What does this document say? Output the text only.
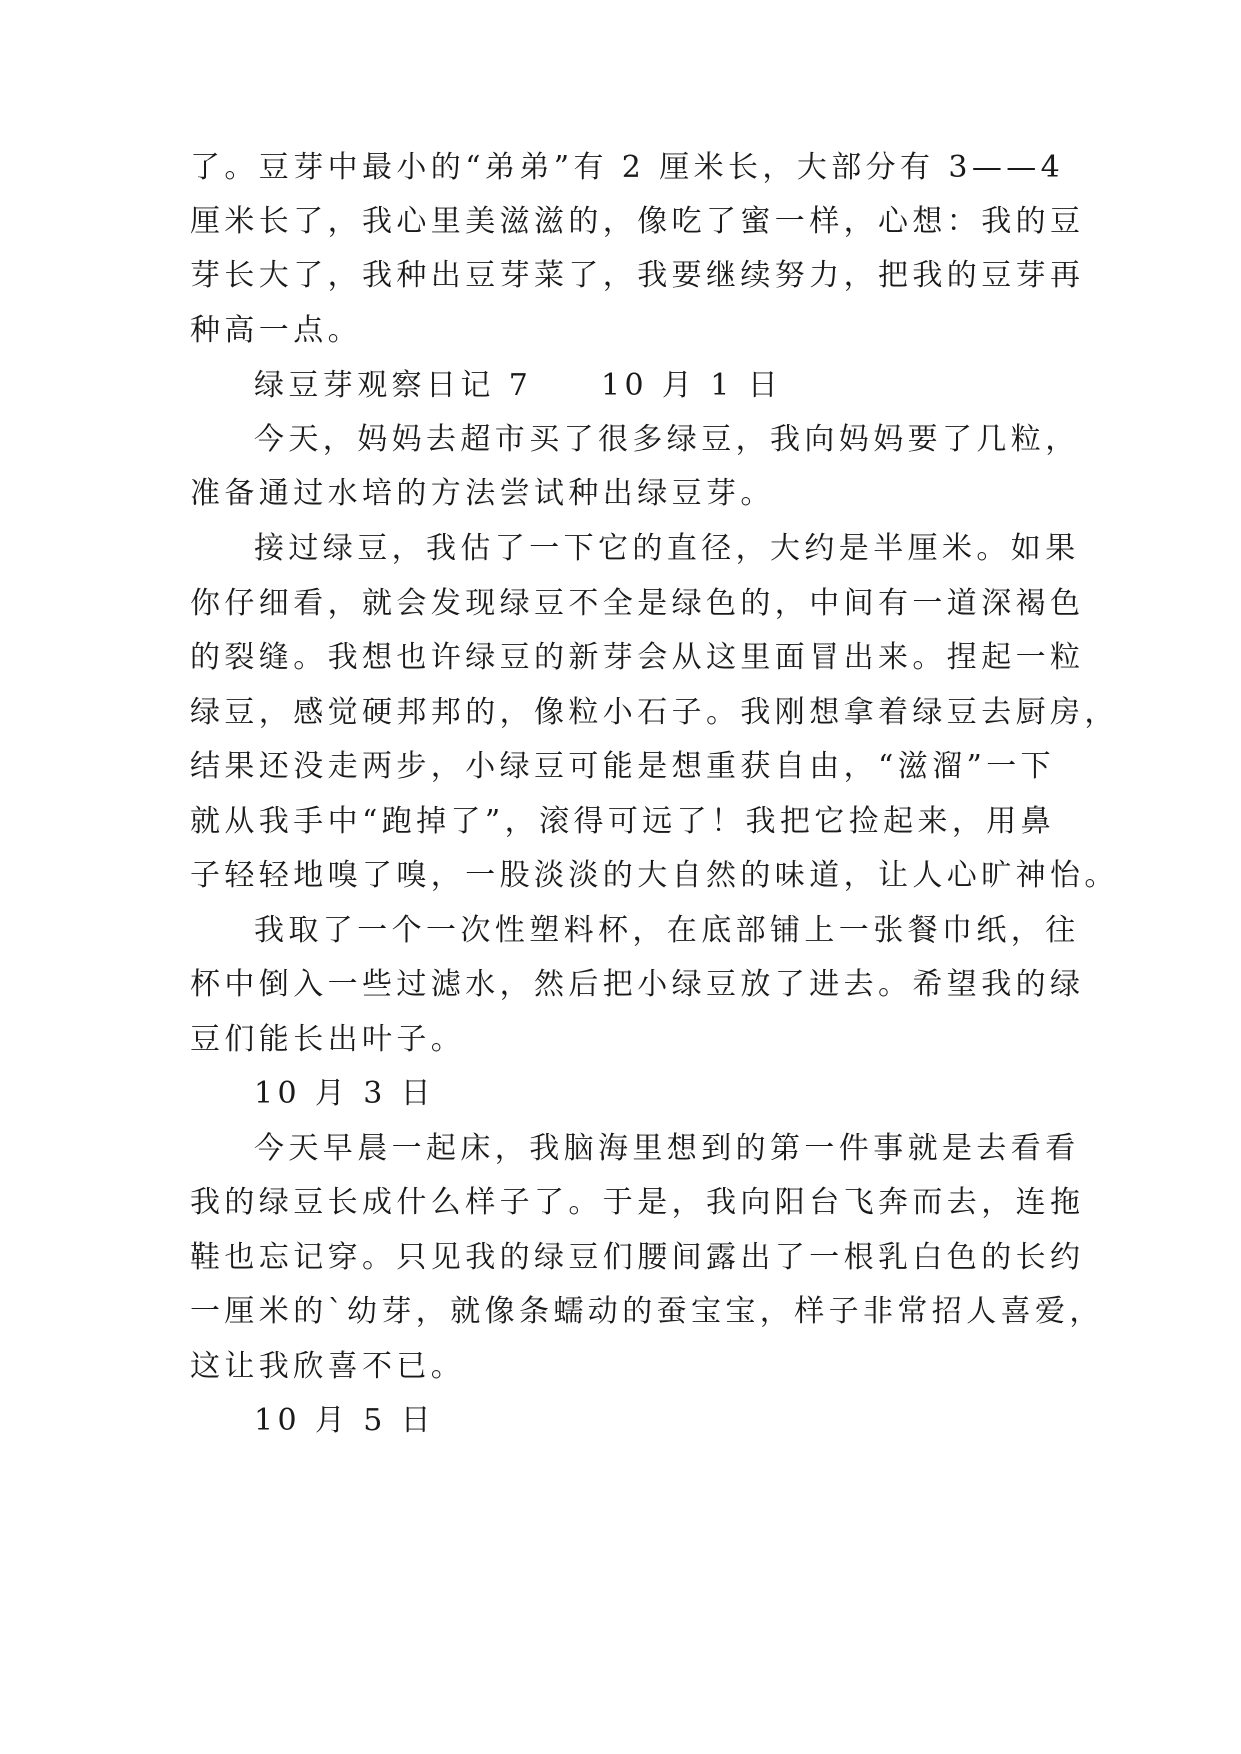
了。豆芽中最小的“弟弟”有 2 厘米长，大部分有 3——4
厘米长了，我心里美滋滋的，像吃了蜜一样，心想：我的豆
芽长大了，我种出豆芽菜了，我要继续努力，把我的豆芽再
种高一点。
绿豆芽观察日记 7　　10 月 1 日
今天，妈妈去超市买了很多绿豆，我向妈妈要了几粒，
准备通过水培的方法尝试种出绿豆芽。
接过绿豆，我估了一下它的直径，大约是半厘米。如果
你仔细看，就会发现绿豆不全是绿色的，中间有一道深褐色
的裂缝。我想也许绿豆的新芽会从这里面冒出来。捏起一粒
绿豆，感觉硬邦邦的，像粒小石子。我刚想拿着绿豆去厨房，
结果还没走两步，小绿豆可能是想重获自由，“滋溜”一下
就从我手中“跑掉了”，滚得可远了！我把它捡起来，用鼻
子轻轻地嗅了嗅，一股淡淡的大自然的味道，让人心旷神怡。
我取了一个一次性塑料杯，在底部铺上一张餐巾纸，往
杯中倒入一些过滤水，然后把小绿豆放了进去。希望我的绿
豆们能长出叶子。
10 月 3 日
今天早晨一起床，我脑海里想到的第一件事就是去看看
我的绿豆长成什么样子了。于是，我向阳台飞奔而去，连拖
鞋也忘记穿。只见我的绿豆们腰间露出了一根乳白色的长约
一厘米的`幼芽，就像条蠕动的蚕宝宝，样子非常招人喜爱，
这让我欣喜不已。
10 月 5 日
